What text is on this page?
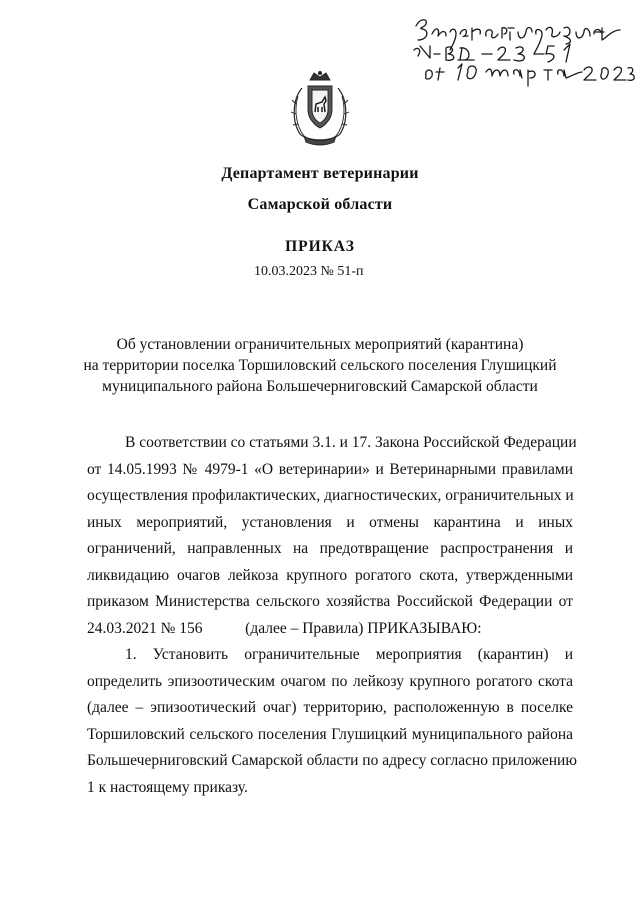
Департамент ветеринарии
Самарской области
ПРИКАЗ
10.03.2023 № 51-п
Об установлении ограничительных мероприятий (карантина)
на территории поселка Торшиловский сельского поселения Глушицкий
муниципального района Большечерниговский Самарской области
В соответствии со статьями 3.1. и 17. Закона Российской Федерации
от 14.05.1993 № 4979-1 «О ветеринарии» и Ветеринарными правилами
осуществления профилактических, диагностических, ограничительных и
иных мероприятий, установления и отмены карантина и иных
ограничений, направленных на предотвращение распространения и
ликвидацию очагов лейкоза крупного рогатого скота, утвержденными
приказом Министерства сельского хозяйства Российской Федерации от
24.03.2021 № 156           (далее – Правила) ПРИКАЗЫВАЮ:
1. Установить ограничительные мероприятия (карантин) и
определить эпизоотическим очагом по лейкозу крупного рогатого скота
(далее – эпизоотический очаг) территорию, расположенную в поселке
Торшиловский сельского поселения Глушицкий муниципального района
Большечерниговский Самарской области по адресу согласно приложению
1 к настоящему приказу.
